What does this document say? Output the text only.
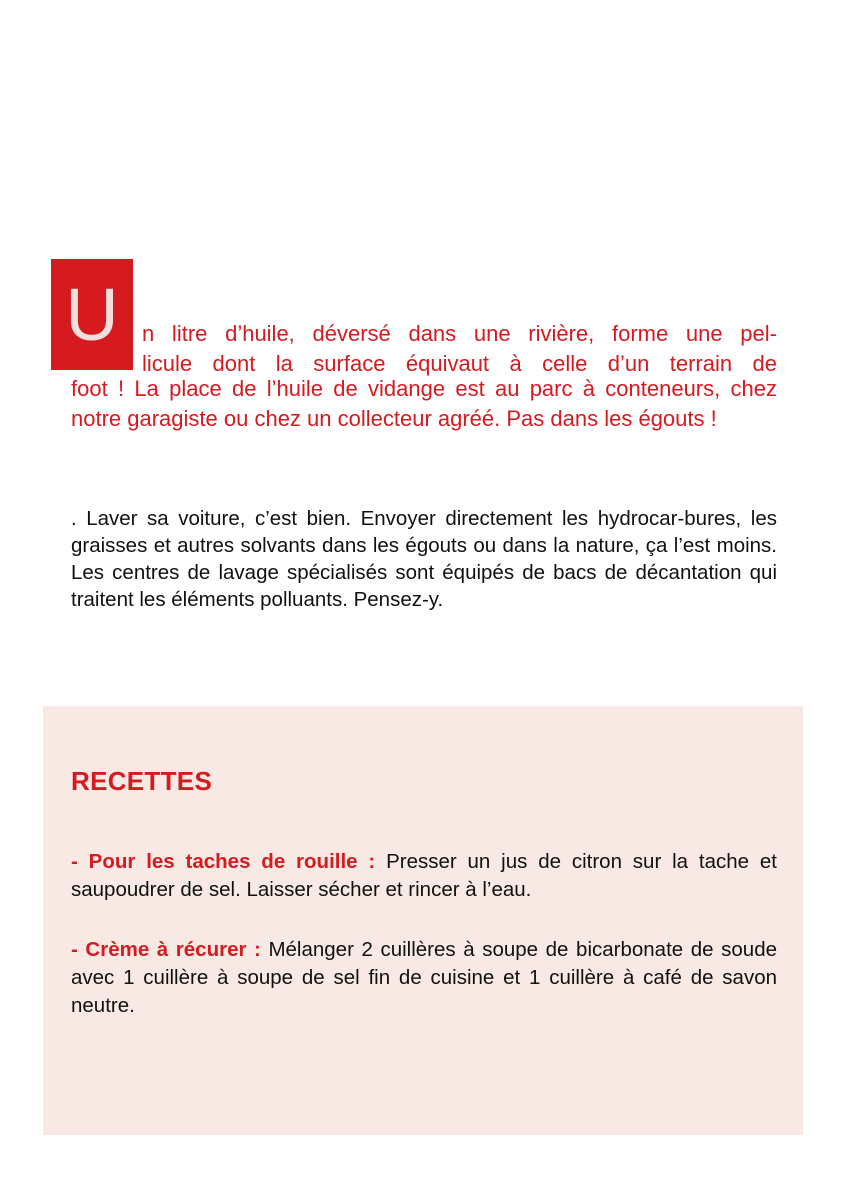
U	n litre d’huile, déversé dans une rivière, forme une pel-
licule dont la surface équivaut à celle d’un terrain de

foot ! La place de l’huile de vidange est au parc à conteneurs, chez notre garagiste ou chez un collecteur agréé. Pas dans les égouts !

. Laver sa voiture, c’est bien. Envoyer directement les hydrocar-bures, les graisses et autres solvants dans les égouts ou dans la nature, ça l’est moins. Les centres de lavage spécialisés sont équipés de bacs de décantation qui traitent les éléments polluants. Pensez-y.

RECETTES

- Pour les taches de rouille : Presser un jus de citron sur la tache et saupoudrer de sel. Laisser sécher et rincer à l’eau.

- Crème à récurer : Mélanger 2 cuillères à soupe de bicarbonate de soude avec 1 cuillère à soupe de sel fin de cuisine et 1 cuillère à café de savon neutre.
